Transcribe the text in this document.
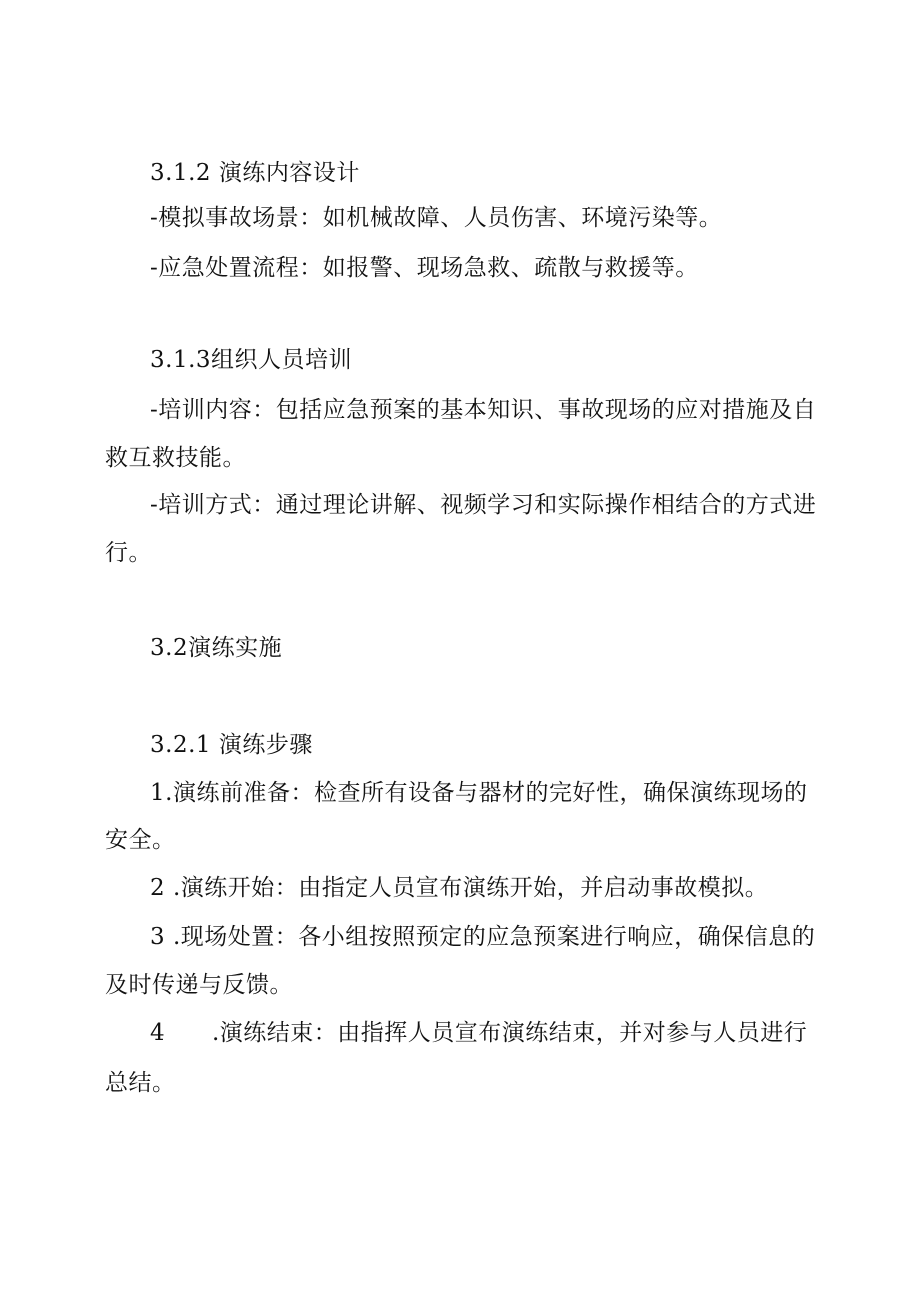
3.1.2 演练内容设计
-模拟事故场景：如机械故障、人员伤害、环境污染等。
-应急处置流程：如报警、现场急救、疏散与救援等。
3.1.3组织人员培训
-培训内容：包括应急预案的基本知识、事故现场的应对措施及自
救互救技能。
-培训方式：通过理论讲解、视频学习和实际操作相结合的方式进
行。
3.2演练实施
3.2.1 演练步骤
1.演练前准备：检查所有设备与器材的完好性，确保演练现场的
安全。
2 .演练开始：由指定人员宣布演练开始，并启动事故模拟。
3 .现场处置：各小组按照预定的应急预案进行响应，确保信息的
及时传递与反馈。
4	.演练结束：由指挥人员宣布演练结束，并对参与人员进行
总结。
